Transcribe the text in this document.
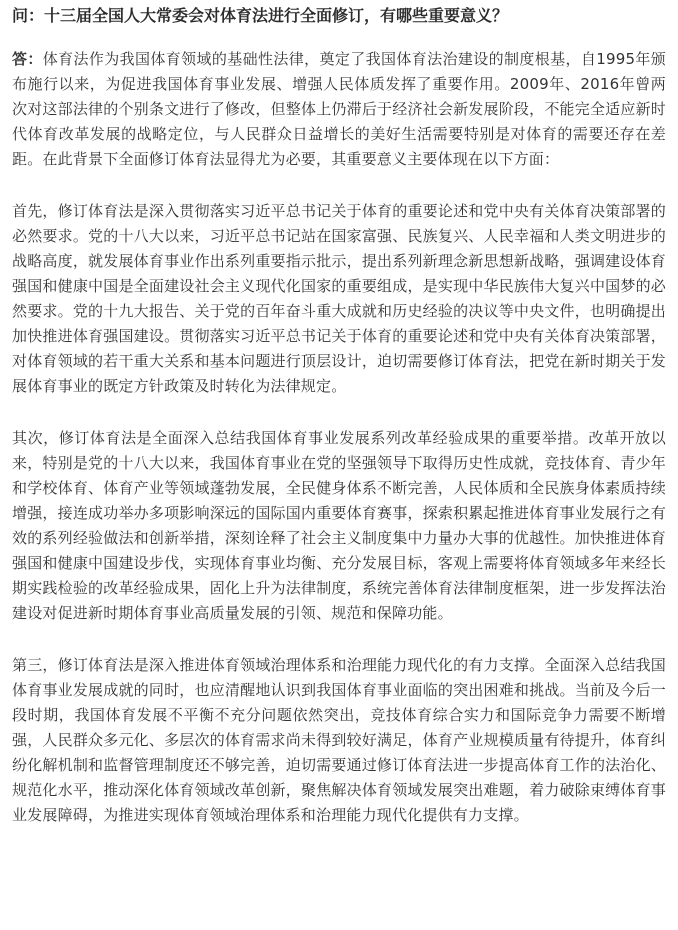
问：十三届全国人大常委会对体育法进行全面修订，有哪些重要意义？

答：体育法作为我国体育领域的基础性法律，奠定了我国体育法治建设的制度根基，自1995年颁布施行以来，为促进我国体育事业发展、增强人民体质发挥了重要作用。2009年、2016年曾两次对这部法律的个别条文进行了修改，但整体上仍滞后于经济社会新发展阶段，不能完全适应新时代体育改革发展的战略定位，与人民群众日益增长的美好生活需要特别是对体育的需要还存在差距。在此背景下全面修订体育法显得尤为必要，其重要意义主要体现在以下方面：

首先，修订体育法是深入贯彻落实习近平总书记关于体育的重要论述和党中央有关体育决策部署的必然要求。党的十八大以来，习近平总书记站在国家富强、民族复兴、人民幸福和人类文明进步的战略高度，就发展体育事业作出系列重要指示批示，提出系列新理念新思想新战略，强调建设体育强国和健康中国是全面建设社会主义现代化国家的重要组成，是实现中华民族伟大复兴中国梦的必然要求。党的十九大报告、关于党的百年奋斗重大成就和历史经验的决议等中央文件，也明确提出加快推进体育强国建设。贯彻落实习近平总书记关于体育的重要论述和党中央有关体育决策部署，对体育领域的若干重大关系和基本问题进行顶层设计，迫切需要修订体育法，把党在新时期关于发展体育事业的既定方针政策及时转化为法律规定。

其次，修订体育法是全面深入总结我国体育事业发展系列改革经验成果的重要举措。改革开放以来，特别是党的十八大以来，我国体育事业在党的坚强领导下取得历史性成就，竞技体育、青少年和学校体育、体育产业等领域蓬勃发展，全民健身体系不断完善，人民体质和全民族身体素质持续增强，接连成功举办多项影响深远的国际国内重要体育赛事，探索积累起推进体育事业发展行之有效的系列经验做法和创新举措，深刻诠释了社会主义制度集中力量办大事的优越性。加快推进体育强国和健康中国建设步伐，实现体育事业均衡、充分发展目标，客观上需要将体育领域多年来经长期实践检验的改革经验成果，固化上升为法律制度，系统完善体育法律制度框架，进一步发挥法治建设对促进新时期体育事业高质量发展的引领、规范和保障功能。

第三，修订体育法是深入推进体育领域治理体系和治理能力现代化的有力支撑。全面深入总结我国体育事业发展成就的同时，也应清醒地认识到我国体育事业面临的突出困难和挑战。当前及今后一段时期，我国体育发展不平衡不充分问题依然突出，竞技体育综合实力和国际竞争力需要不断增强，人民群众多元化、多层次的体育需求尚未得到较好满足，体育产业规模质量有待提升，体育纠纷化解机制和监督管理制度还不够完善，迫切需要通过修订体育法进一步提高体育工作的法治化、规范化水平，推动深化体育领域改革创新，聚焦解决体育领域发展突出难题，着力破除束缚体育事业发展障碍，为推进实现体育领域治理体系和治理能力现代化提供有力支撑。
